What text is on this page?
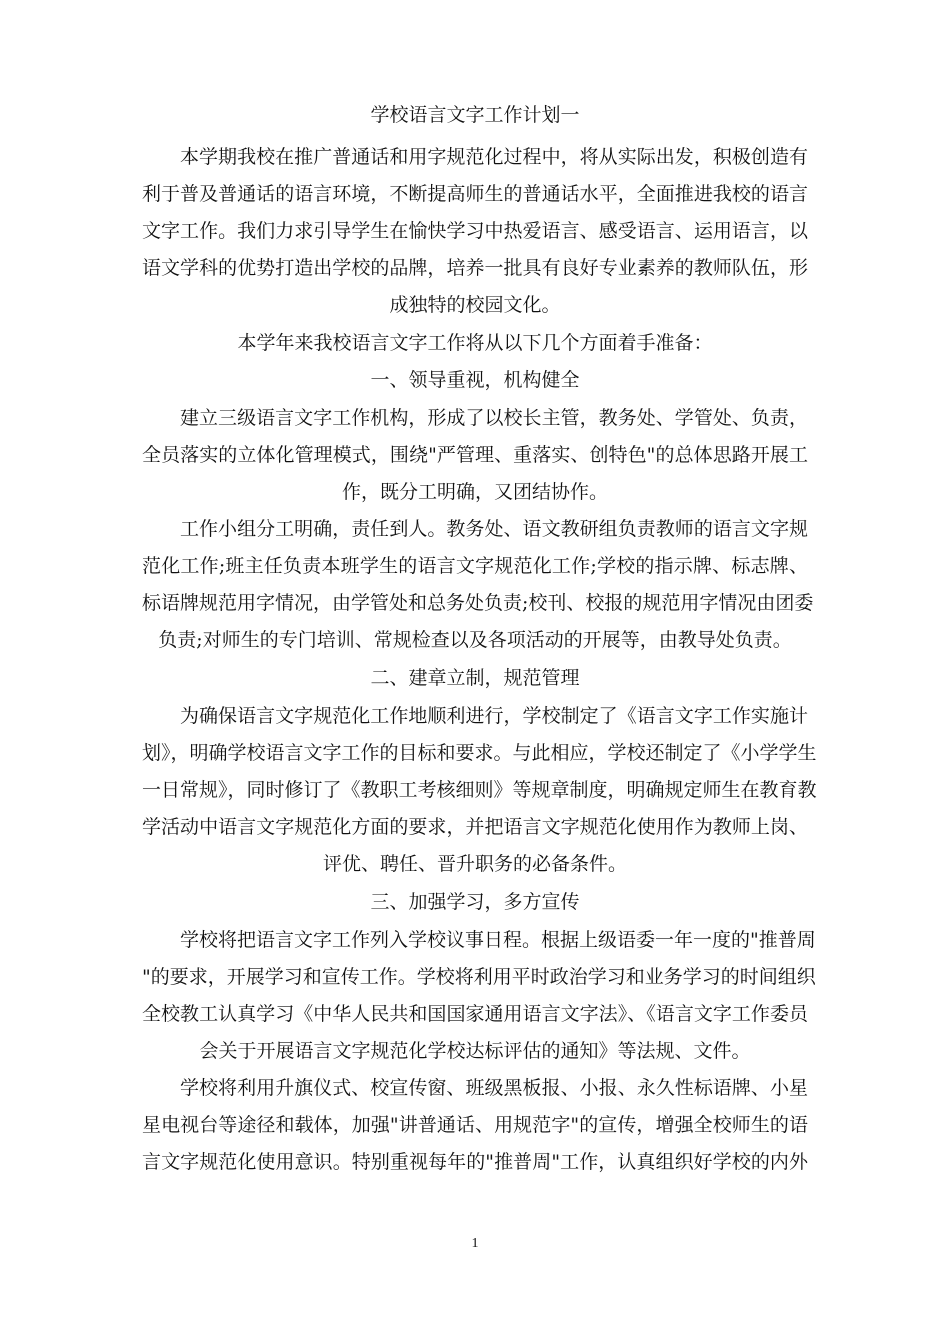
学校语言文字工作计划一
本学期我校在推广普通话和用字规范化过程中，将从实际出发，积极创造有
利于普及普通话的语言环境，不断提高师生的普通话水平，全面推进我校的语言
文字工作。我们力求引导学生在愉快学习中热爱语言、感受语言、运用语言，以
语文学科的优势打造出学校的品牌，培养一批具有良好专业素养的教师队伍，形
成独特的校园文化。
本学年来我校语言文字工作将从以下几个方面着手准备：
一、领导重视，机构健全
建立三级语言文字工作机构，形成了以校长主管，教务处、学管处、负责，
全员落实的立体化管理模式，围绕"严管理、重落实、创特色"的总体思路开展工
作，既分工明确，又团结协作。
工作小组分工明确，责任到人。教务处、语文教研组负责教师的语言文字规
范化工作;班主任负责本班学生的语言文字规范化工作;学校的指示牌、标志牌、
标语牌规范用字情况，由学管处和总务处负责;校刊、校报的规范用字情况由团委
负责;对师生的专门培训、常规检查以及各项活动的开展等，由教导处负责。
二、建章立制，规范管理
为确保语言文字规范化工作地顺利进行，学校制定了《语言文字工作实施计
划》，明确学校语言文字工作的目标和要求。与此相应，学校还制定了《小学学生
一日常规》，同时修订了《教职工考核细则》等规章制度，明确规定师生在教育教
学活动中语言文字规范化方面的要求，并把语言文字规范化使用作为教师上岗、
评优、聘任、晋升职务的必备条件。
三、加强学习，多方宣传
学校将把语言文字工作列入学校议事日程。根据上级语委一年一度的"推普周
"的要求，开展学习和宣传工作。学校将利用平时政治学习和业务学习的时间组织
全校教工认真学习《中华人民共和国国家通用语言文字法》、《语言文字工作委员
会关于开展语言文字规范化学校达标评估的通知》等法规、文件。
学校将利用升旗仪式、校宣传窗、班级黑板报、小报、永久性标语牌、小星
星电视台等途径和载体，加强"讲普通话、用规范字"的宣传，增强全校师生的语
言文字规范化使用意识。特别重视每年的"推普周"工作，认真组织好学校的内外
1
